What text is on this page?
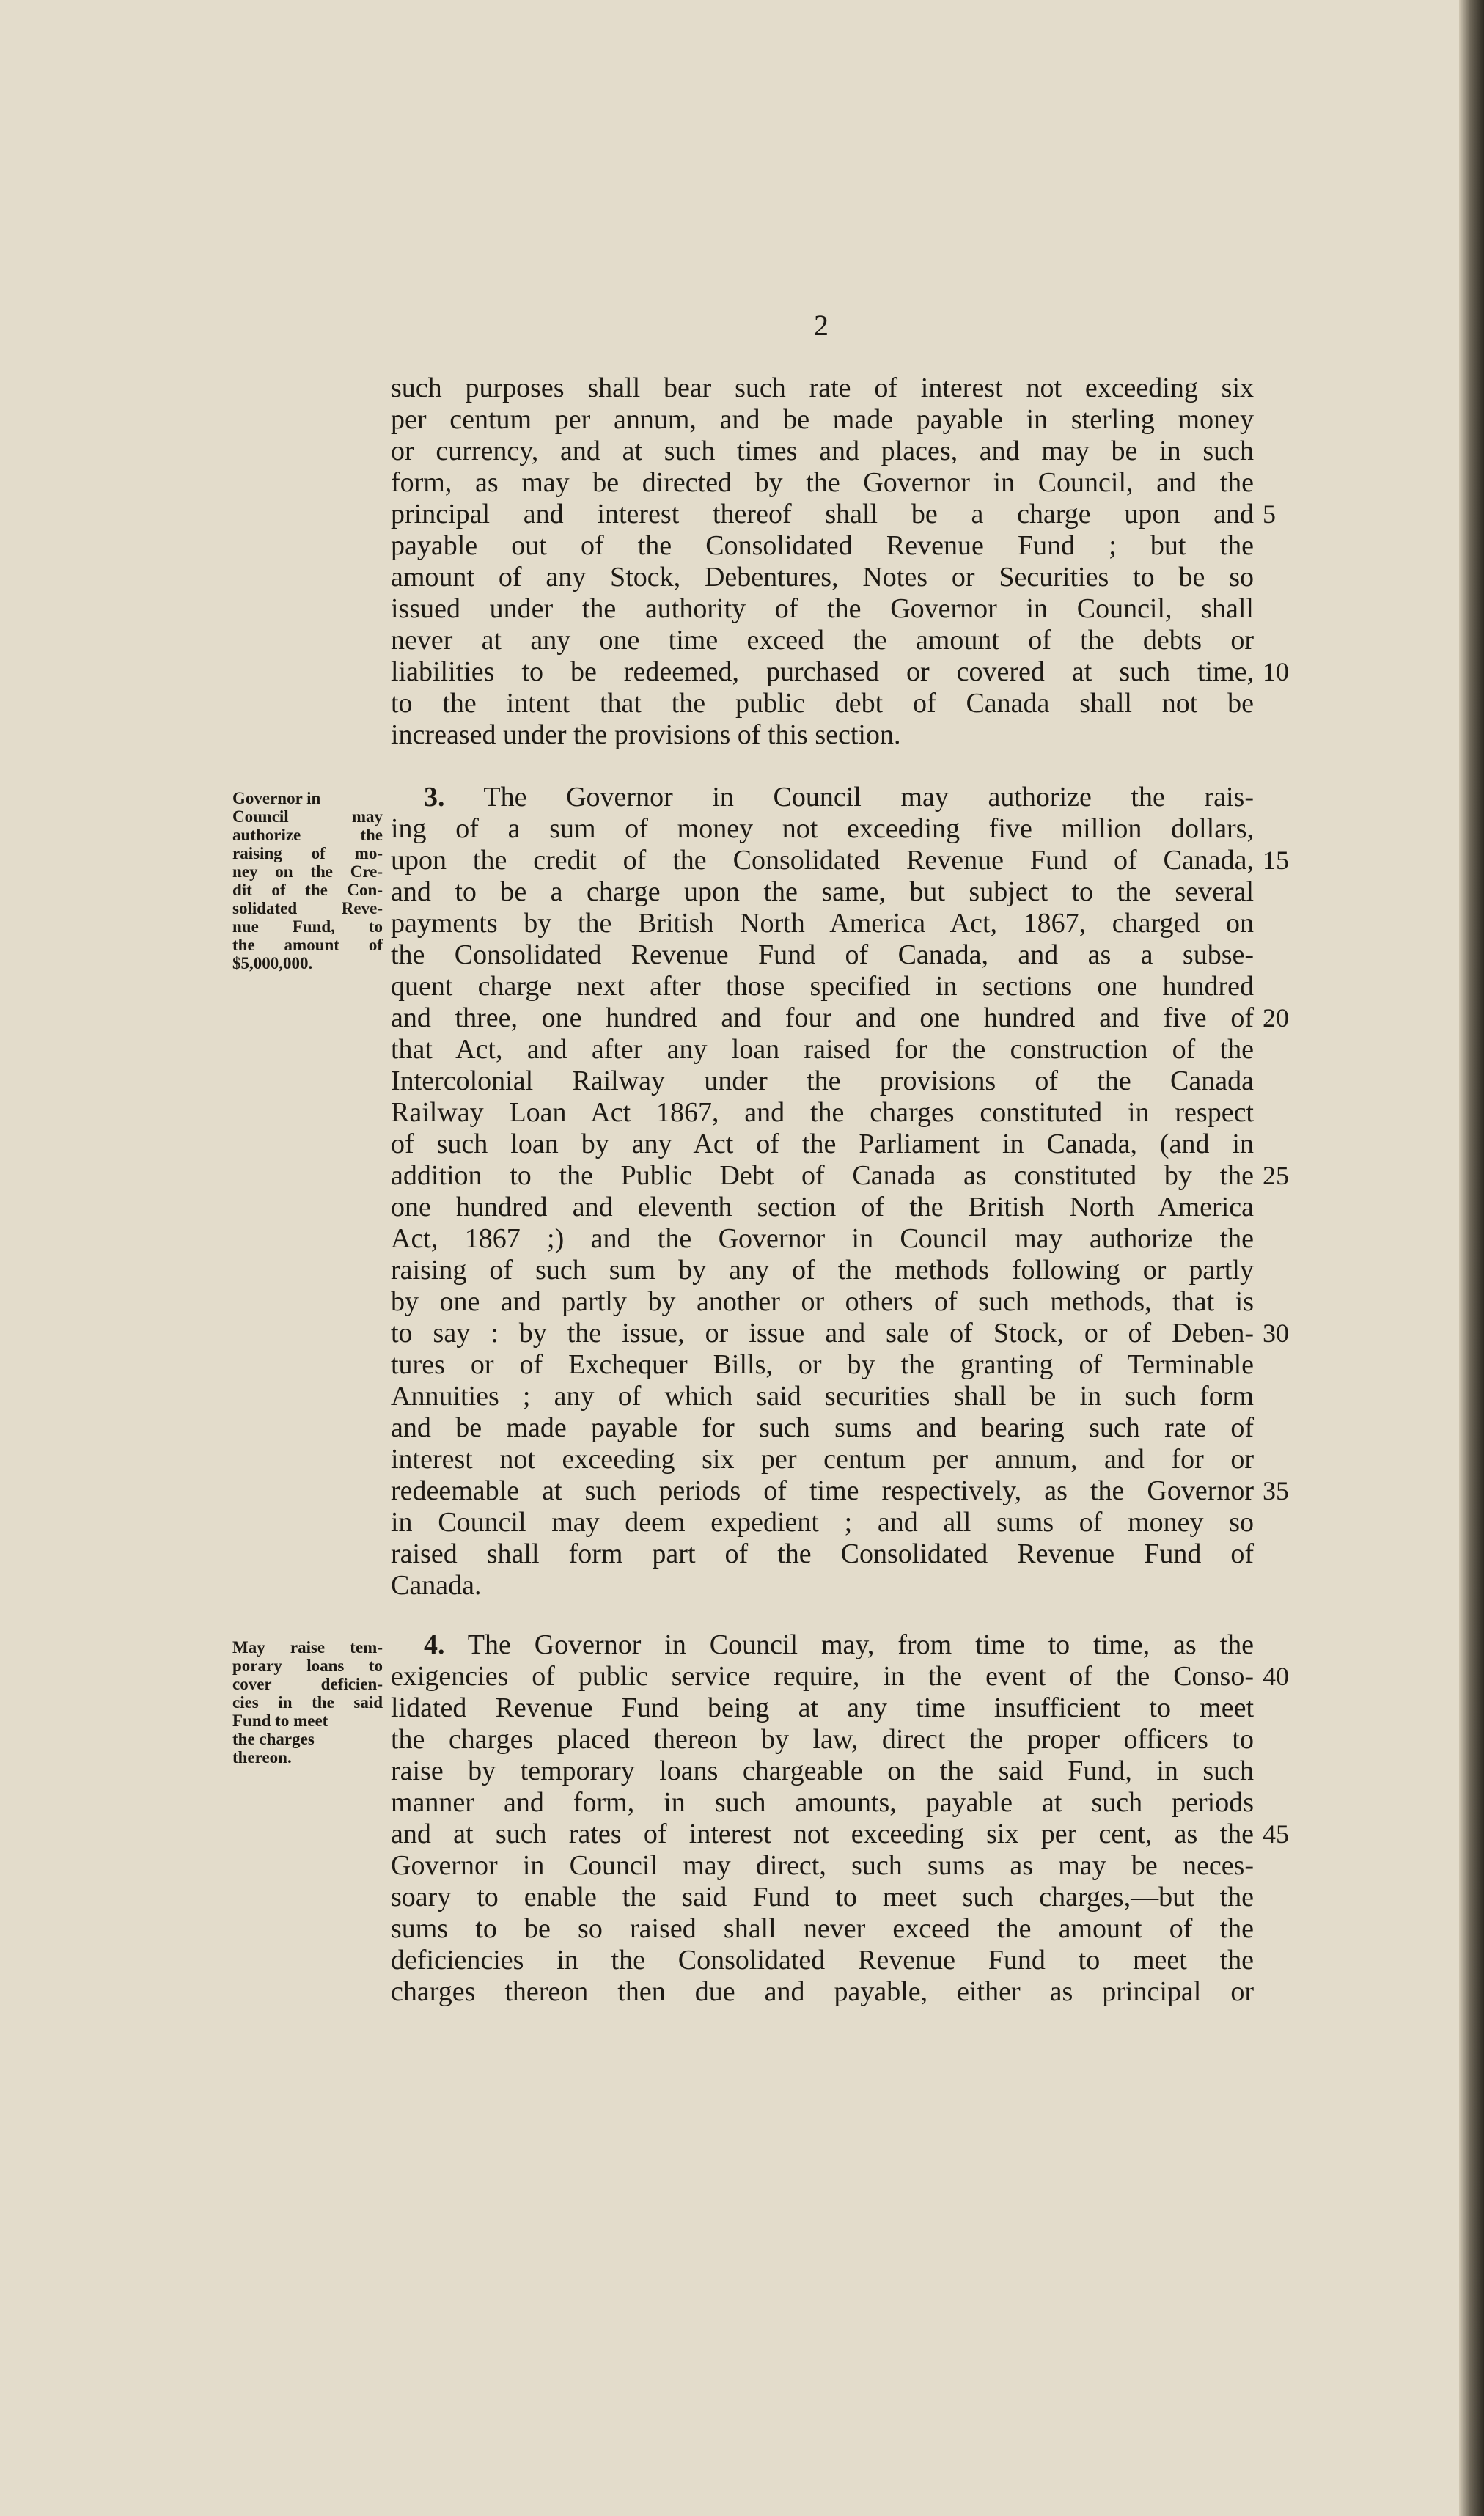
2
such purposes shall bear such rate of interest not exceeding six
per centum per annum, and be made payable in sterling money
or currency, and at such times and places, and may be in such
form, as may be directed by the Governor in Council, and the
principal and interest thereof shall be a charge upon and
payable out of the Consolidated Revenue Fund ; but the
amount of any Stock, Debentures, Notes or Securities to be so
issued under the authority of the Governor in Council, shall
never at any one time exceed the amount of the debts or
liabilities to be redeemed, purchased or covered at such time,
to the intent that the public debt of Canada shall not be
increased under the provisions of this section.
3. The Governor in Council may authorize the rais-
ing of a sum of money not exceeding five million dollars,
upon the credit of the Consolidated Revenue Fund of Canada,
and to be a charge upon the same, but subject to the several
payments by the British North America Act, 1867, charged on
the Consolidated Revenue Fund of Canada, and as a subse-
quent charge next after those specified in sections one hundred
and three, one hundred and four and one hundred and five of
that Act, and after any loan raised for the construction of the
Intercolonial Railway under the provisions of the Canada
Railway Loan Act 1867, and the charges constituted in respect
of such loan by any Act of the Parliament in Canada, (and in
addition to the Public Debt of Canada as constituted by the
one hundred and eleventh section of the British North America
Act, 1867 ;) and the Governor in Council may authorize the
raising of such sum by any of the methods following or partly
by one and partly by another or others of such methods, that is
to say : by the issue, or issue and sale of Stock, or of Deben-
tures or of Exchequer Bills, or by the granting of Terminable
Annuities ; any of which said securities shall be in such form
and be made payable for such sums and bearing such rate of
interest not exceeding six per centum per annum, and for or
redeemable at such periods of time respectively, as the Governor
in Council may deem expedient ; and all sums of money so
raised shall form part of the Consolidated Revenue Fund of
Canada.
4. The Governor in Council may, from time to time, as the
exigencies of public service require, in the event of the Conso-
lidated Revenue Fund being at any time insufficient to meet
the charges placed thereon by law, direct the proper officers to
raise by temporary loans chargeable on the said Fund, in such
manner and form, in such amounts, payable at such periods
and at such rates of interest not exceeding six per cent, as the
Governor in Council may direct, such sums as may be neces-
soary to enable the said Fund to meet such charges,—but the
sums to be so raised shall never exceed the amount of the
deficiencies in the Consolidated Revenue Fund to meet the
charges thereon then due and payable, either as principal or
Governor in
Council may
authorize the
raising of mo-
ney on the Cre-
dit of the Con-
solidated Reve-
nue Fund, to
the amount of
$5,000,000.
May raise tem-
porary loans to
cover deficien-
cies in the said
Fund to meet
the charges
thereon.
5
10
15
20
25
30
35
40
45
